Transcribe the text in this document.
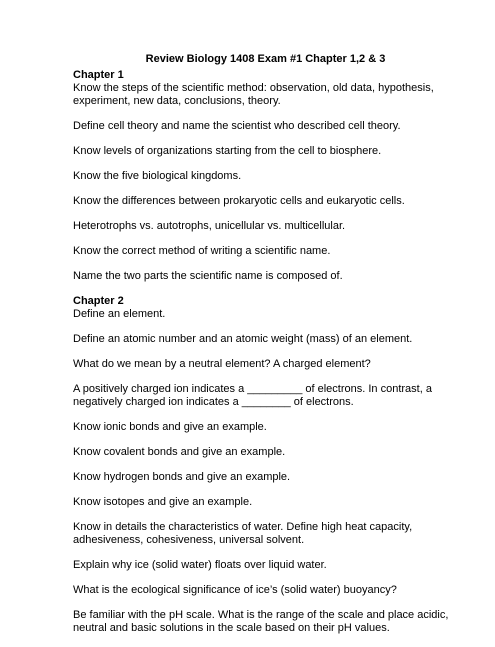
Review Biology 1408 Exam #1 Chapter 1,2 & 3
Chapter 1

Know the steps of the scientific method: observation, old data, hypothesis, experiment, new data, conclusions, theory.

Define cell theory and name the scientist who described cell theory.

Know levels of organizations starting from the cell to biosphere.

Know the five biological kingdoms.

Know the differences between prokaryotic cells and eukaryotic cells.

Heterotrophs vs. autotrophs, unicellular vs. multicellular.

Know the correct method of writing a scientific name.

Name the two parts the scientific name is composed of.

Chapter 2

Define an element.

Define an atomic number and an atomic weight (mass) of an element.

What do we mean by a neutral element? A charged element?

A positively charged ion indicates a _________ of electrons. In contrast, a negatively charged ion indicates a ________ of electrons.

Know ionic bonds and give an example.

Know covalent bonds and give an example.

Know hydrogen bonds and give an example.

Know isotopes and give an example.

Know in details the characteristics of water. Define high heat capacity, adhesiveness, cohesiveness, universal solvent.

Explain why ice (solid water) floats over liquid water.

What is the ecological significance of ice’s (solid water) buoyancy?

Be familiar with the pH scale. What is the range of the scale and place acidic, neutral and basic solutions in the scale based on their pH values.
